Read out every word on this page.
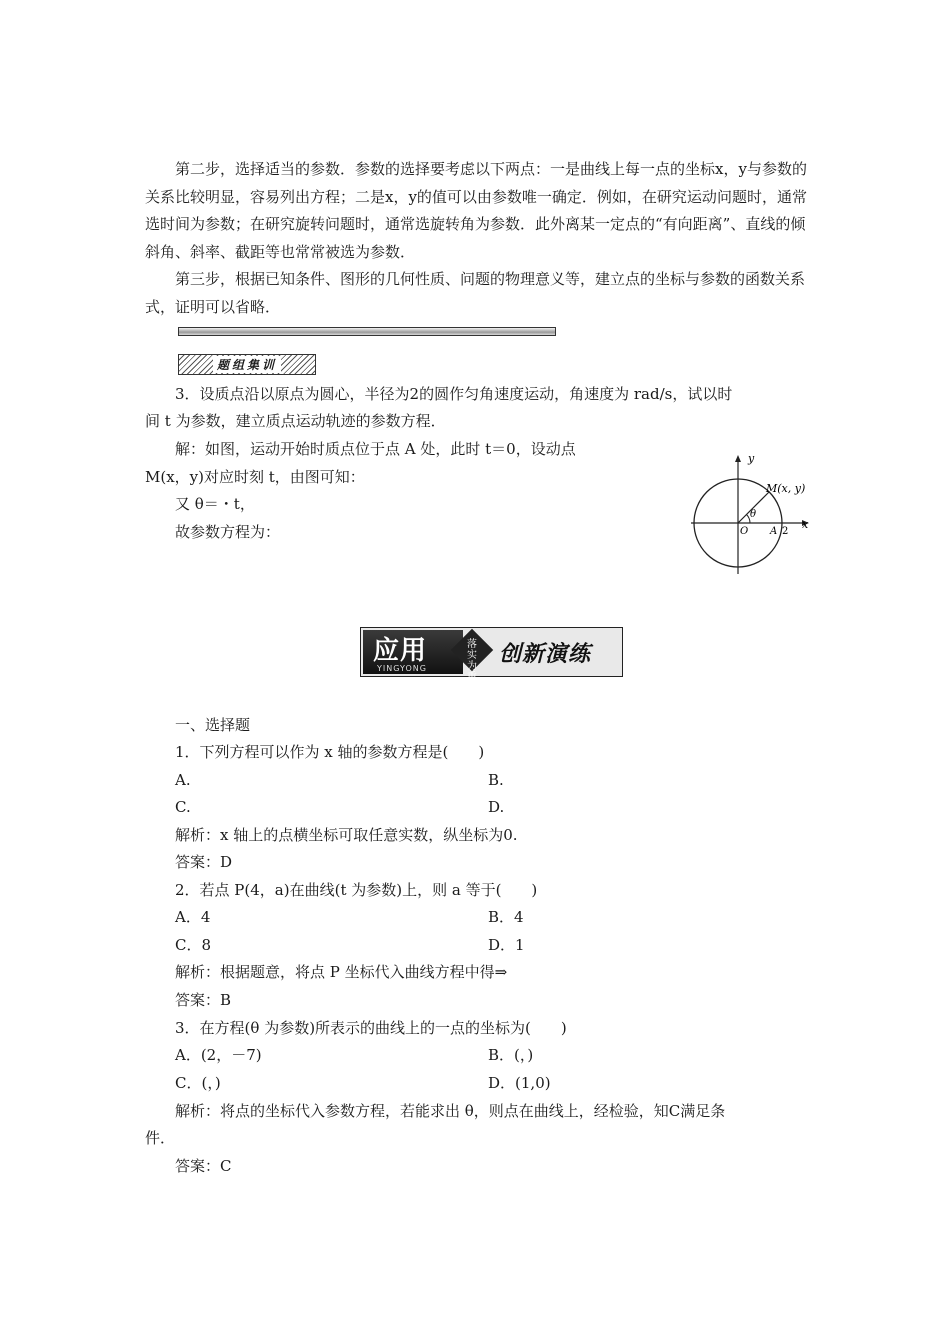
第二步，选择适当的参数．参数的选择要考虑以下两点：一是曲线上每一点的坐标x，y与参数的关系比较明显，容易列出方程；二是x，y的值可以由参数唯一确定．例如，在研究运动问题时，通常选时间为参数；在研究旋转问题时，通常选旋转角为参数．此外离某一定点的“有向距离”、直线的倾斜角、斜率、截距等也常常被选为参数．
第三步，根据已知条件、图形的几何性质、问题的物理意义等，建立点的坐标与参数的函数关系式，证明可以省略．
题组集训
3．设质点沿以原点为圆心，半径为2的圆作匀角速度运动，角速度为 rad/s，试以时
间 t 为参数，建立质点运动轨迹的参数方程．
解：如图，运动开始时质点位于点 A 处，此时 t＝0，设动点
M(x，y)对应时刻 t，由图可知：
又 θ＝・t，
故参数方程为：
y
x
M(x, y)
θ
O A 2
应用
YINGYONG
落实为重
创新演练
一、选择题
1．下列方程可以作为 x 轴的参数方程是(　　)
A.	B.
C.	D.
解析：x 轴上的点横坐标可取任意实数，纵坐标为0.
答案：D
2．若点 P(4，a)在曲线(t 为参数)上，则 a 等于(　　)
A．4	B．4
C．8	D．1
解析：根据题意，将点 P 坐标代入曲线方程中得⇒
答案：B
3．在方程(θ 为参数)所表示的曲线上的一点的坐标为(　　)
A．(2，－7)	B．(，)
C．(，)	D．(1,0)
解析：将点的坐标代入参数方程，若能求出 θ，则点在曲线上，经检验，知C满足条
件．
答案：C
